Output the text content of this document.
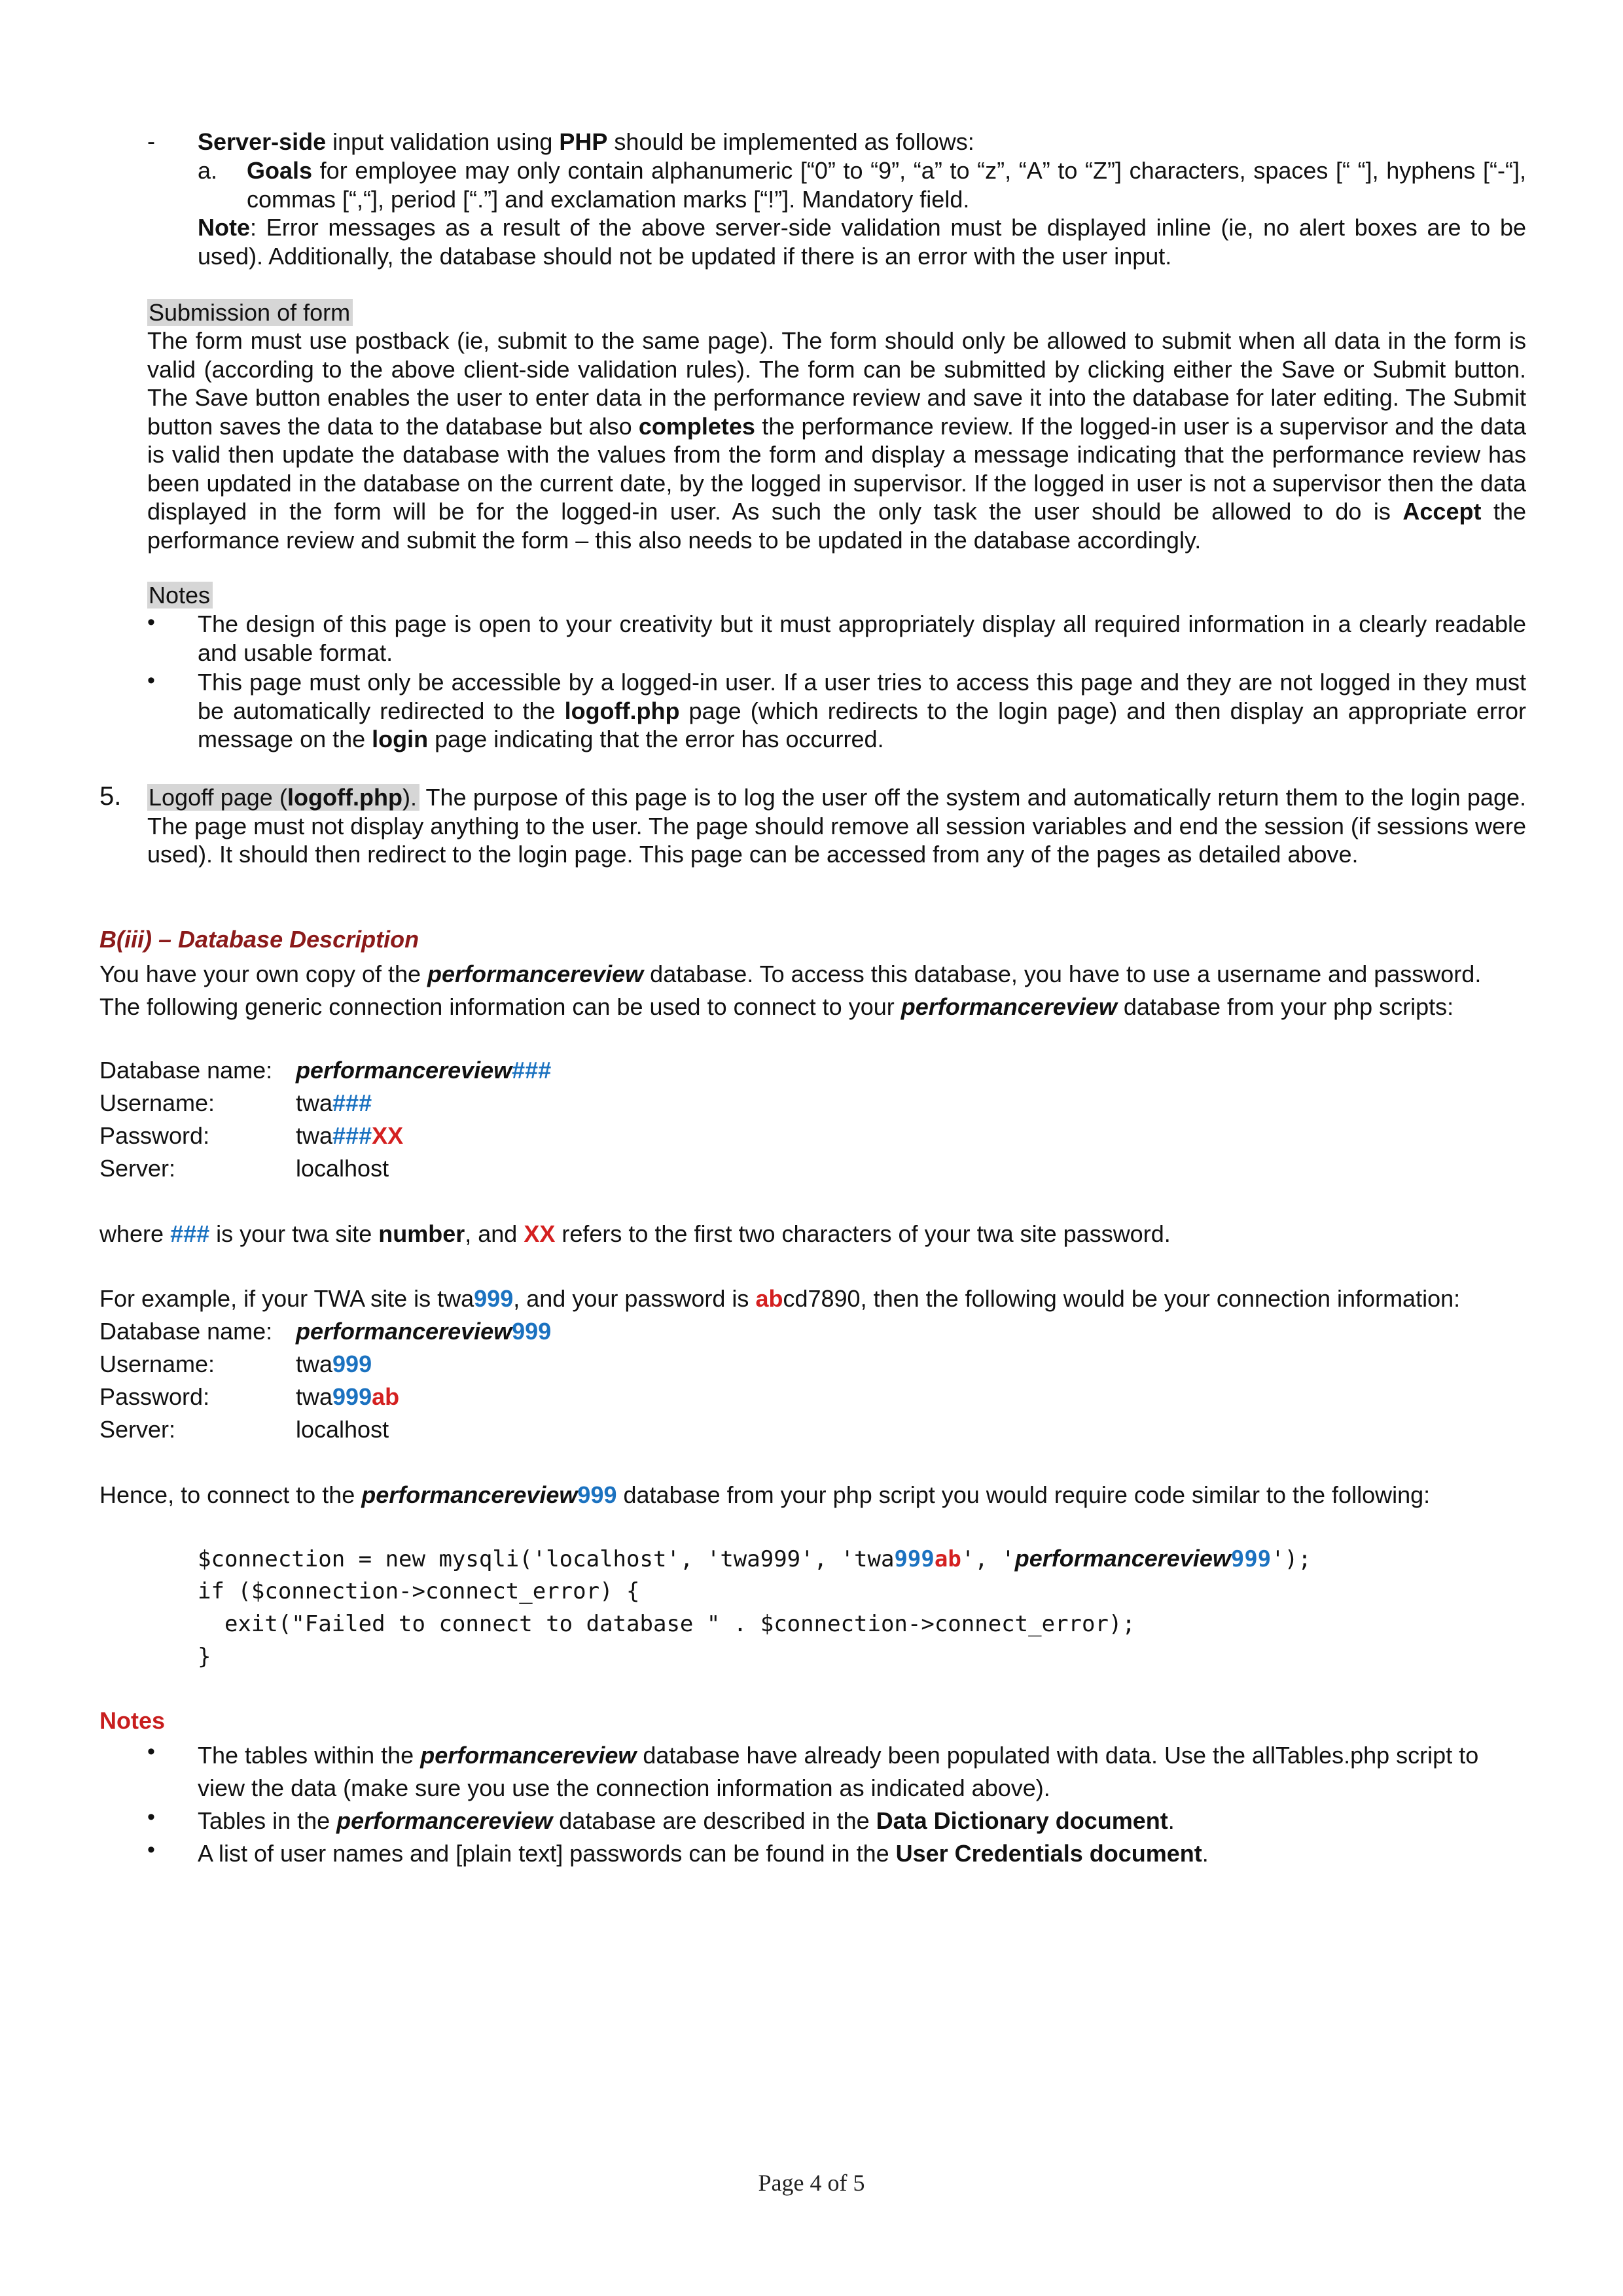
- Server-side input validation using PHP should be implemented as follows:
a. Goals for employee may only contain alphanumeric [“0” to “9”, “a” to “z”, “A” to “Z”] characters, spaces [“ “], hyphens [“-“], commas [“,“], period [“.”] and exclamation marks [“!”]. Mandatory field.
Note: Error messages as a result of the above server-side validation must be displayed inline (ie, no alert boxes are to be used). Additionally, the database should not be updated if there is an error with the user input.
Submission of form
The form must use postback (ie, submit to the same page). The form should only be allowed to submit when all data in the form is valid (according to the above client-side validation rules). The form can be submitted by clicking either the Save or Submit button. The Save button enables the user to enter data in the performance review and save it into the database for later editing. The Submit button saves the data to the database but also completes the performance review. If the logged-in user is a supervisor and the data is valid then update the database with the values from the form and display a message indicating that the performance review has been updated in the database on the current date, by the logged in supervisor. If the logged in user is not a supervisor then the data displayed in the form will be for the logged-in user. As such the only task the user should be allowed to do is Accept the performance review and submit the form – this also needs to be updated in the database accordingly.
Notes
• The design of this page is open to your creativity but it must appropriately display all required information in a clearly readable and usable format.
• This page must only be accessible by a logged-in user. If a user tries to access this page and they are not logged in they must be automatically redirected to the logoff.php page (which redirects to the login page) and then display an appropriate error message on the login page indicating that the error has occurred.
5. Logoff page (logoff.php). The purpose of this page is to log the user off the system and automatically return them to the login page. The page must not display anything to the user. The page should remove all session variables and end the session (if sessions were used). It should then redirect to the login page. This page can be accessed from any of the pages as detailed above.
B(iii) – Database Description
You have your own copy of the performancereview database. To access this database, you have to use a username and password. The following generic connection information can be used to connect to your performancereview database from your php scripts:
Database name: performancereview###
Username:	twa###
Password:	twa###XX
Server:	localhost
where ### is your twa site number, and XX refers to the first two characters of your twa site password.
For example, if your TWA site is twa999, and your password is abcd7890, then the following would be your connection information:
Database name: performancereview999
Username:	twa999
Password:	twa999ab
Server:	localhost
Hence, to connect to the performancereview999 database from your php script you would require code similar to the following:
$connection = new mysqli('localhost', 'twa999', 'twa999ab', 'performancereview999');
if ($connection->connect_error) {
exit("Failed to connect to database " . $connection->connect_error);
}
Notes
• The tables within the performancereview database have already been populated with data. Use the allTables.php script to view the data (make sure you use the connection information as indicated above).
• Tables in the performancereview database are described in the Data Dictionary document.
• A list of user names and [plain text] passwords can be found in the User Credentials document.
Page 4 of 5
